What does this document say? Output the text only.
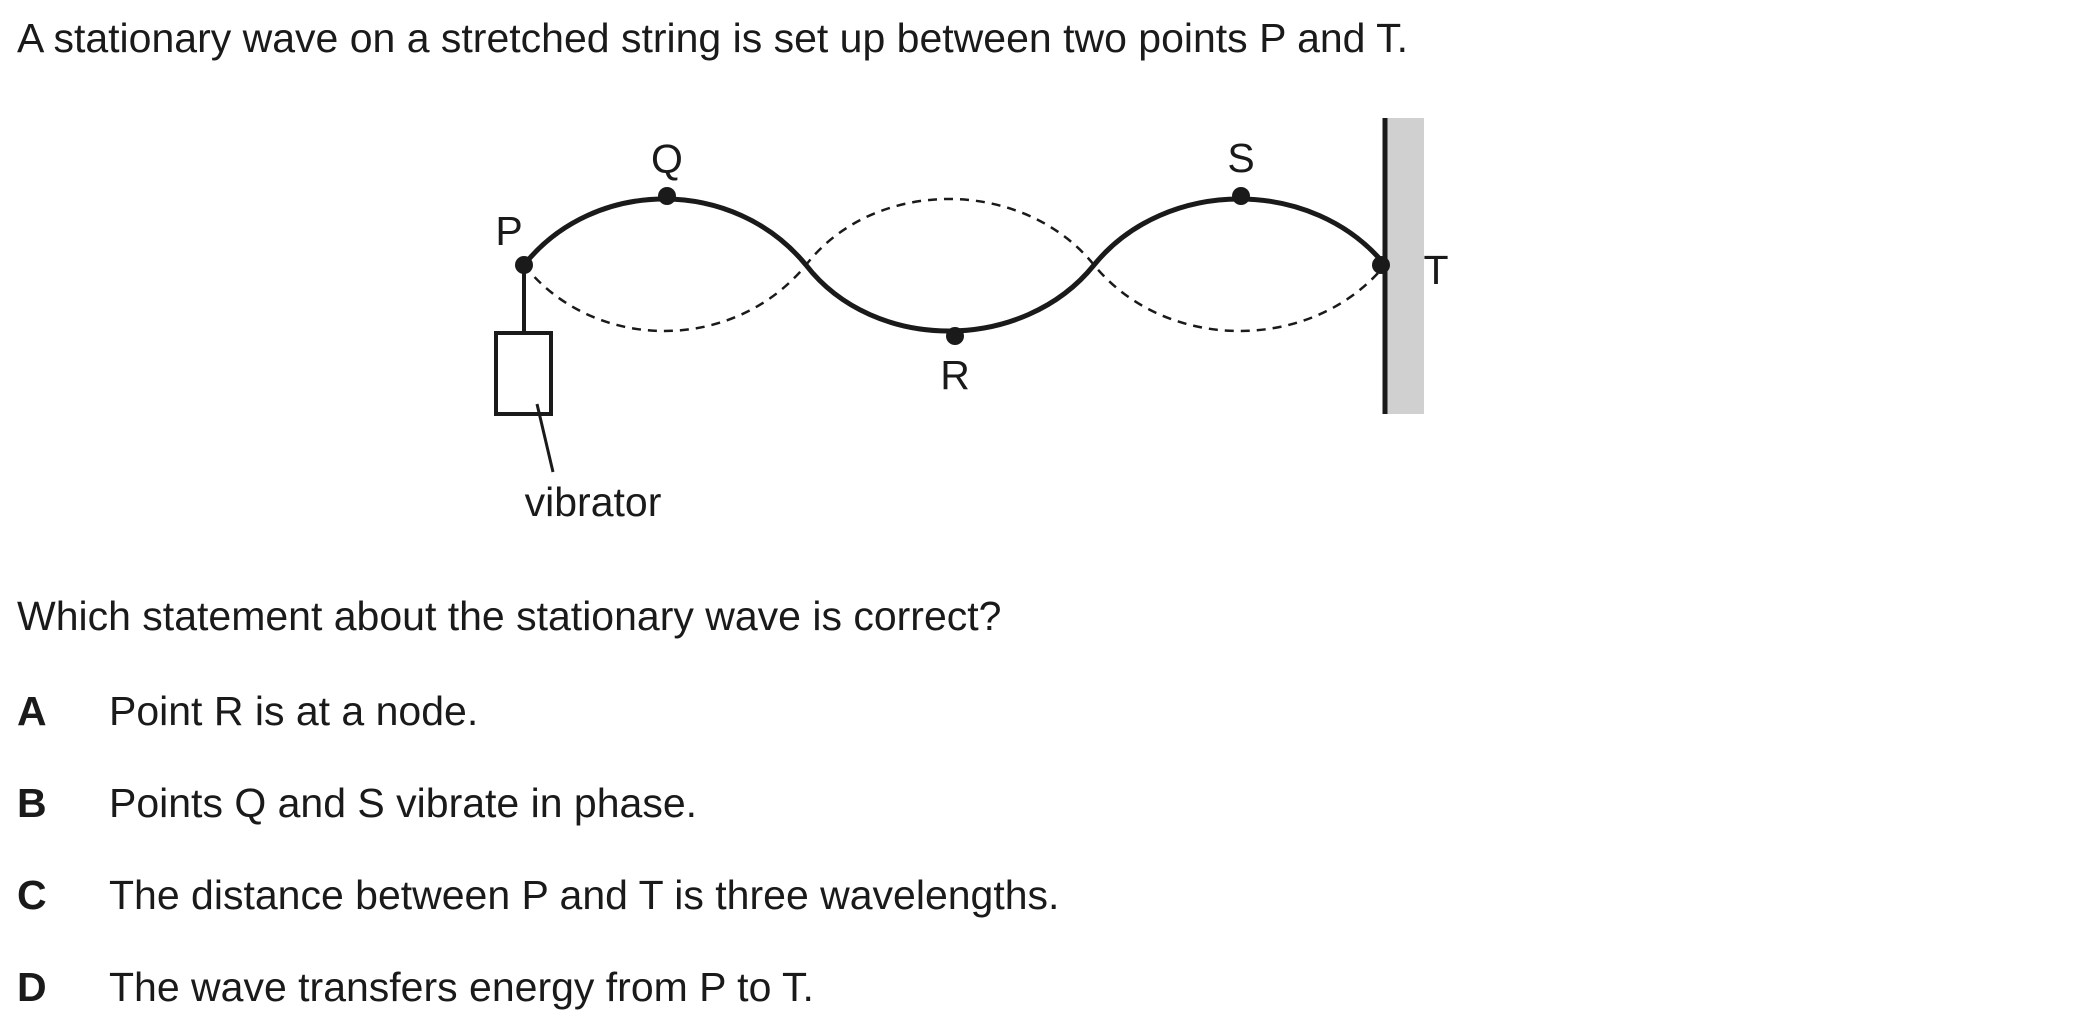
A stationary wave on a stretched string is set up between two points P and T.
P
Q
R
S
T
vibrator
Which statement about the stationary wave is correct?
A Point R is at a node.
B Points Q and S vibrate in phase.
C The distance between P and T is three wavelengths.
D The wave transfers energy from P to T.
